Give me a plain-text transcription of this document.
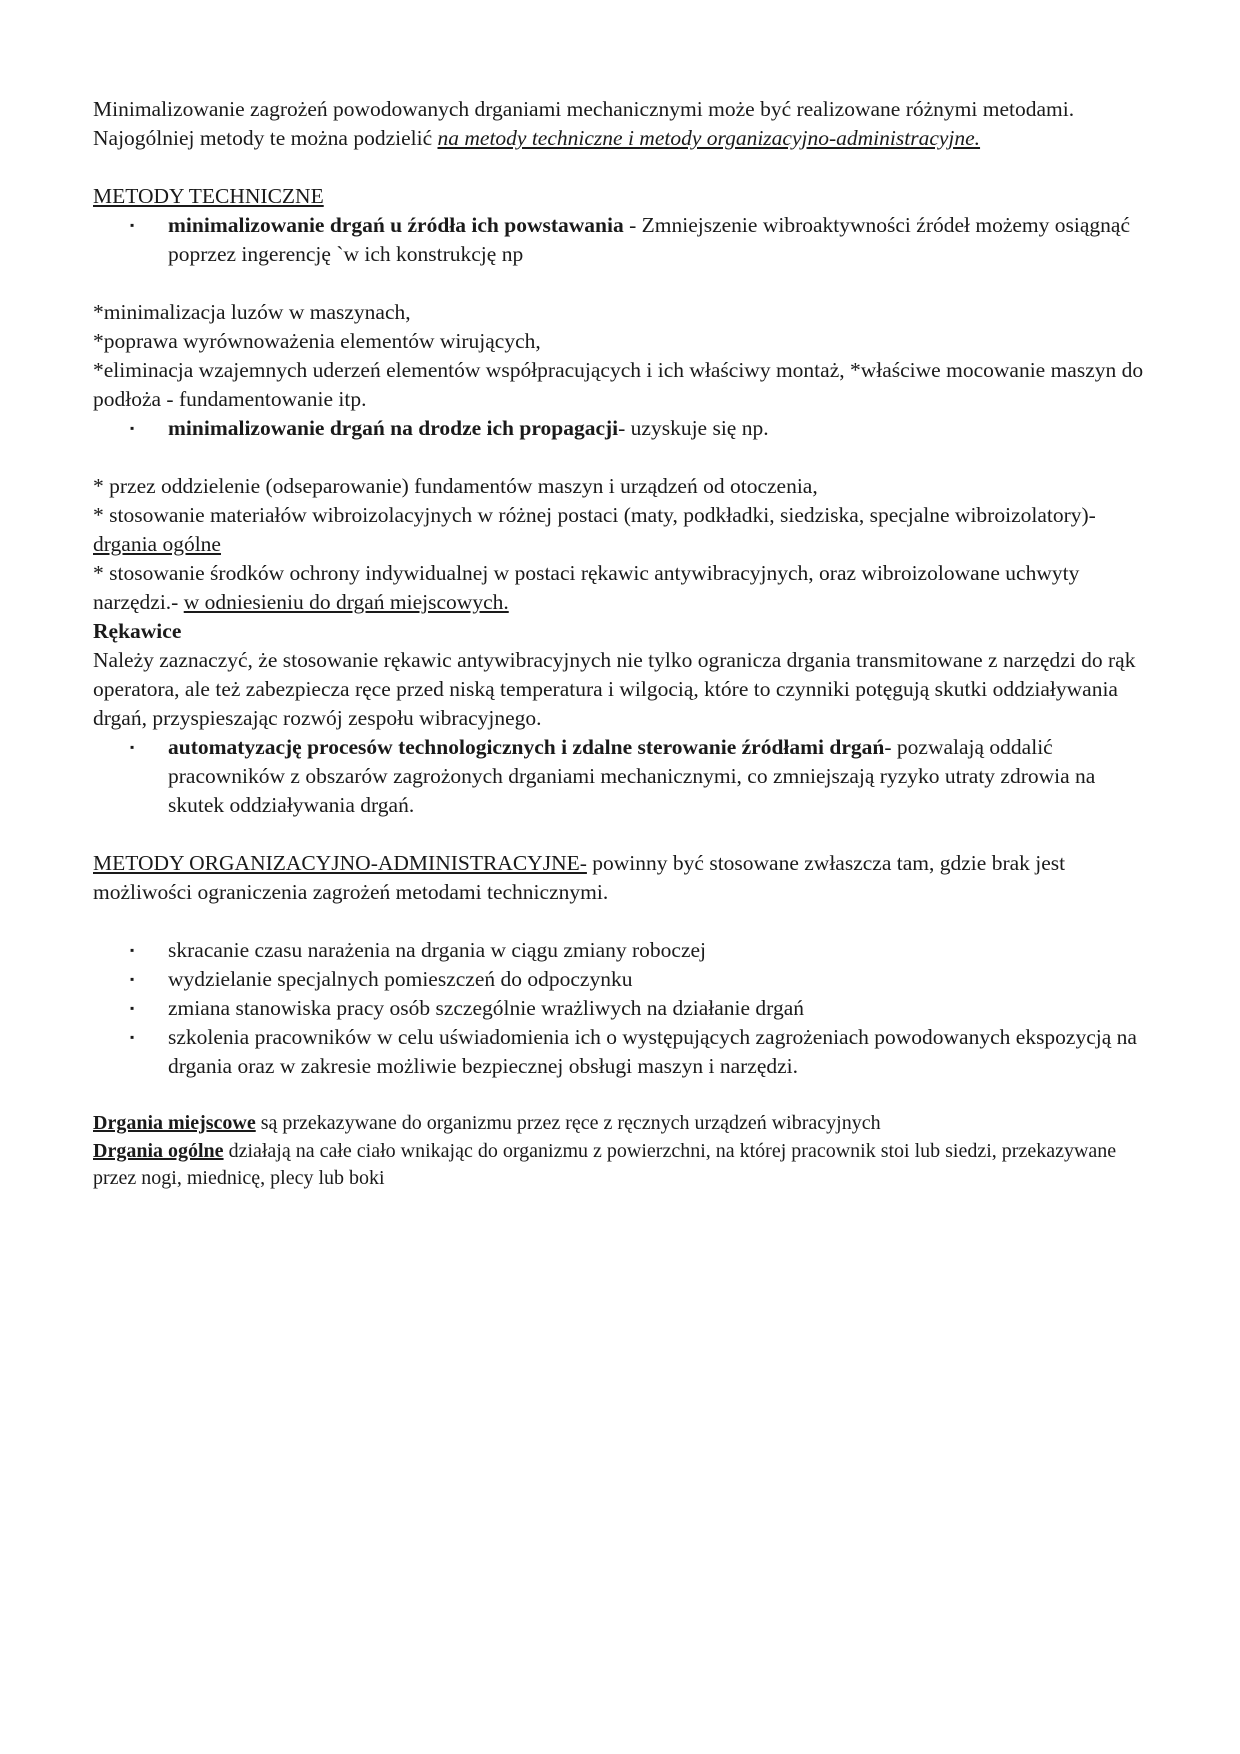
Minimalizowanie zagrożeń powodowanych drganiami mechanicznymi może być realizowane różnymi metodami. Najogólniej metody te można podzielić na metody techniczne i metody organizacyjno-administracyjne.

METODY TECHNICZNE

▪ minimalizowanie drgań u źródła ich powstawania - Zmniejszenie wibroaktywności źródeł możemy osiągnąć poprzez ingerencję `w ich konstrukcję np

*minimalizacja luzów w maszynach,

*poprawa wyrównoważenia elementów wirujących,

*eliminacja wzajemnych uderzeń elementów współpracujących i ich właściwy montaż, *właściwe mocowanie maszyn do podłoża - fundamentowanie itp.

▪ minimalizowanie drgań na drodze ich propagacji- uzyskuje się np.

* przez oddzielenie (odseparowanie) fundamentów maszyn i urządzeń od otoczenia,

* stosowanie materiałów wibroizolacyjnych w różnej postaci (maty, podkładki, siedziska, specjalne wibroizolatory)-drgania ogólne

* stosowanie środków ochrony indywidualnej w postaci rękawic antywibracyjnych, oraz wibroizolowane uchwyty narzędzi.- w odniesieniu do drgań miejscowych.

Rękawice

Należy zaznaczyć, że stosowanie rękawic antywibracyjnych nie tylko ogranicza drgania transmitowane z narzędzi do rąk operatora, ale też zabezpiecza ręce przed niską temperatura i wilgocią, które to czynniki potęgują skutki oddziaływania drgań, przyspieszając rozwój zespołu wibracyjnego.

▪ automatyzację procesów technologicznych i zdalne sterowanie źródłami drgań- pozwalają oddalić pracowników z obszarów zagrożonych drganiami mechanicznymi, co zmniejszają ryzyko utraty zdrowia na skutek oddziaływania drgań.

METODY ORGANIZACYJNO-ADMINISTRACYJNE- powinny być stosowane zwłaszcza tam, gdzie brak jest możliwości ograniczenia zagrożeń metodami technicznymi.

▪ skracanie czasu narażenia na drgania w ciągu zmiany roboczej
▪ wydzielanie specjalnych pomieszczeń do odpoczynku
▪ zmiana stanowiska pracy osób szczególnie wrażliwych na działanie drgań
▪ szkolenia pracowników w celu uświadomienia ich o występujących zagrożeniach powodowanych ekspozycją na drgania oraz w zakresie możliwie bezpiecznej obsługi maszyn i narzędzi.

Drgania miejscowe są przekazywane do organizmu przez ręce z ręcznych urządzeń wibracyjnych

Drgania ogólne działają na całe ciało wnikając do organizmu z powierzchni, na której pracownik stoi lub siedzi, przekazywane przez nogi, miednicę, plecy lub boki
